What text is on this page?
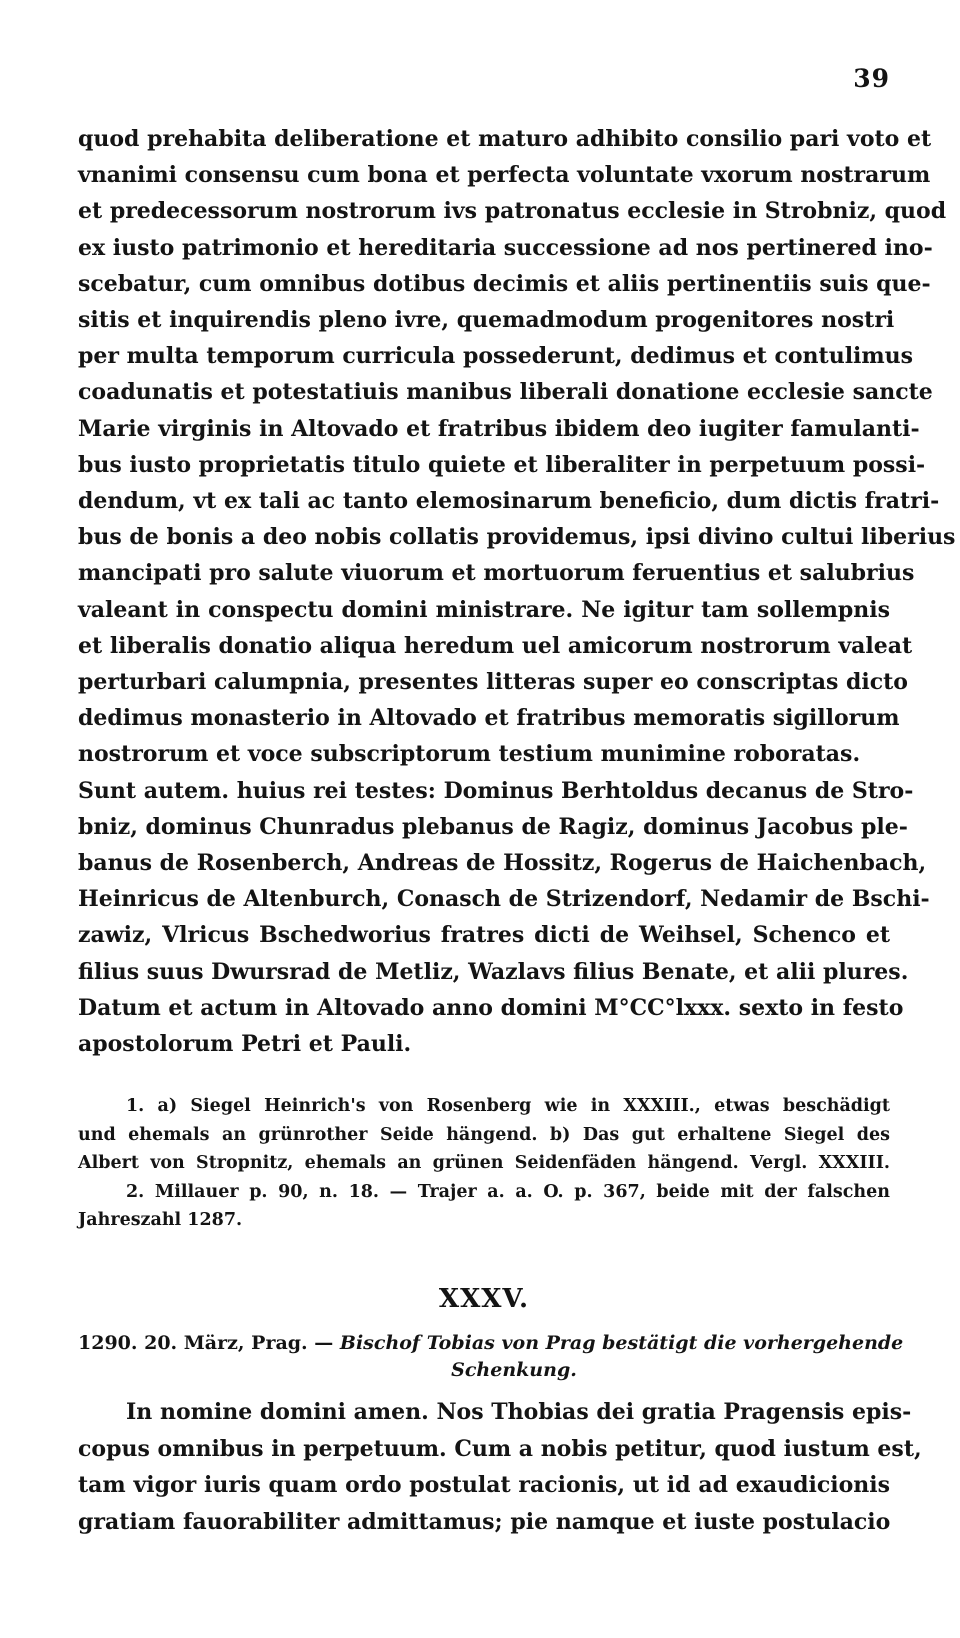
39
quod prehabita deliberatione et maturo adhibito consilio pari voto et
vnanimi consensu cum bona et perfecta voluntate vxorum nostrarum
et predecessorum nostrorum ivs patronatus ecclesie in Strobniz, quod
ex iusto patrimonio et hereditaria successione ad nos pertinered ino-
scebatur, cum omnibus dotibus decimis et aliis pertinentiis suis que-
sitis et inquirendis pleno ivre, quemadmodum progenitores nostri
per multa temporum curricula possederunt, dedimus et contulimus
coadunatis et potestatiuis manibus liberali donatione ecclesie sancte
Marie virginis in Altovado et fratribus ibidem deo iugiter famulanti-
bus iusto proprietatis titulo quiete et liberaliter in perpetuum possi-
dendum, vt ex tali ac tanto elemosinarum beneficio, dum dictis fratri-
bus de bonis a deo nobis collatis providemus, ipsi divino cultui liberius
mancipati pro salute viuorum et mortuorum feruentius et salubrius
valeant in conspectu domini ministrare. Ne igitur tam sollempnis
et liberalis donatio aliqua heredum uel amicorum nostrorum valeat
perturbari calumpnia, presentes litteras super eo conscriptas dicto
dedimus monasterio in Altovado et fratribus memoratis sigillorum
nostrorum et voce subscriptorum testium munimine roboratas.
Sunt autem. huius rei testes: Dominus Berhtoldus decanus de Stro-
bniz, dominus Chunradus plebanus de Ragiz, dominus Jacobus ple-
banus de Rosenberch, Andreas de Hossitz, Rogerus de Haichenbach,
Heinricus de Altenburch, Conasch de Strizendorf, Nedamir de Bschi-
zawiz, Vlricus Bschedworius fratres dicti de Weihsel, Schenco et
filius suus Dwursrad de Metliz, Wazlavs filius Benate, et alii plures.
Datum et actum in Altovado anno domini M°CC°lxxx. sexto in festo
apostolorum Petri et Pauli.
1. a) Siegel Heinrich's von Rosenberg wie in XXXIII., etwas beschädigt
und ehemals an grünrother Seide hängend. b) Das gut erhaltene Siegel des
Albert von Stropnitz, ehemals an grünen Seidenfäden hängend. Vergl. XXXIII.
2. Millauer p. 90, n. 18. — Trajer a. a. O. p. 367, beide mit der falschen
Jahreszahl 1287.
XXXV.
1290. 20. März, Prag. — Bischof Tobias von Prag bestätigt die vorhergehende
Schenkung.
In nomine domini amen. Nos Thobias dei gratia Pragensis epis-
copus omnibus in perpetuum. Cum a nobis petitur, quod iustum est,
tam vigor iuris quam ordo postulat racionis, ut id ad exaudicionis
gratiam fauorabiliter admittamus; pie namque et iuste postulacio
